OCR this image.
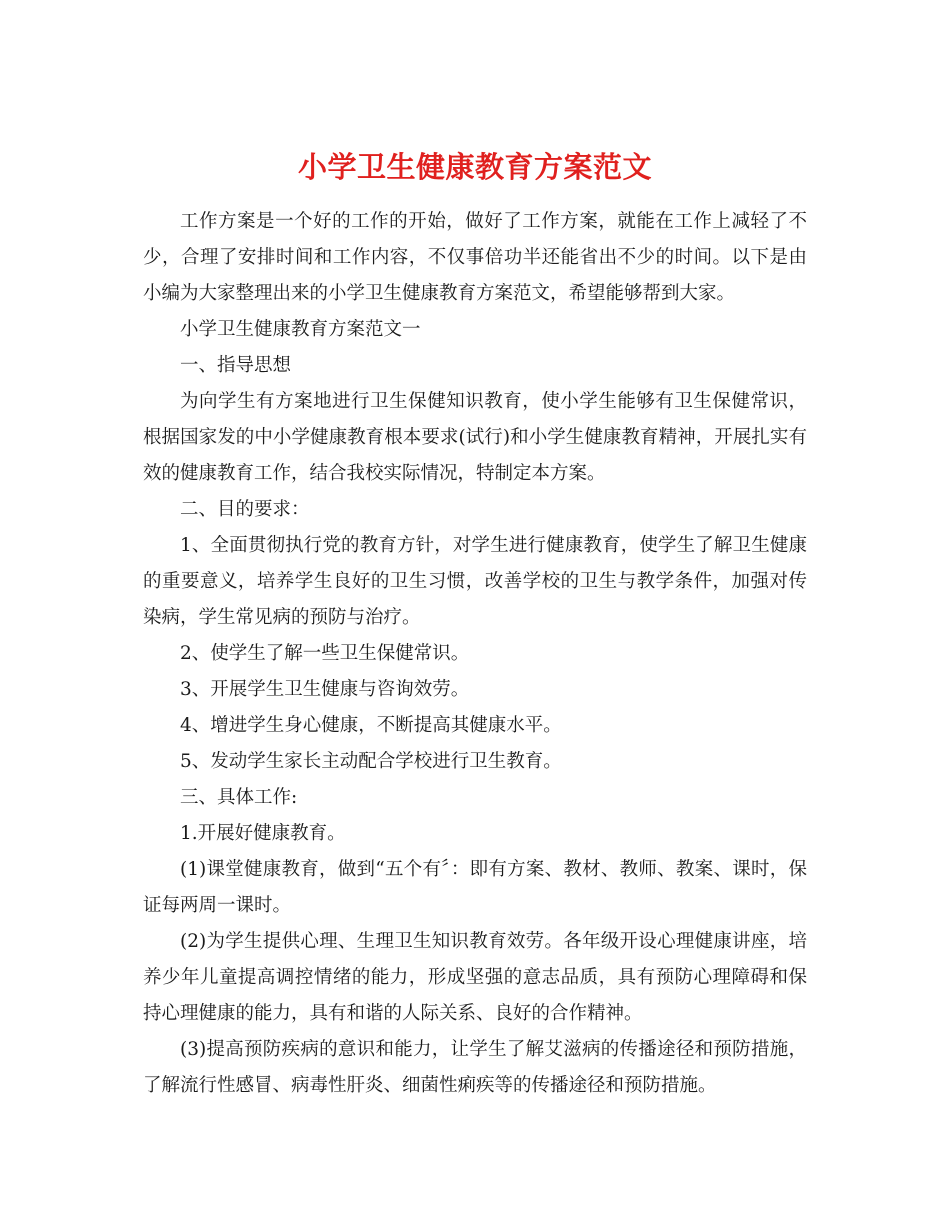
小学卫生健康教育方案范文

工作方案是一个好的工作的开始，做好了工作方案，就能在工作上减轻了不少，合理了安排时间和工作内容，不仅事倍功半还能省出不少的时间。以下是由小编为大家整理出来的小学卫生健康教育方案范文，希望能够帮到大家。

小学卫生健康教育方案范文一

一、指导思想

为向学生有方案地进行卫生保健知识教育，使小学生能够有卫生保健常识，根据国家发的中小学健康教育根本要求(试行)和小学生健康教育精神，开展扎实有效的健康教育工作，结合我校实际情况，特制定本方案。

二、目的要求：

1、全面贯彻执行党的教育方针，对学生进行健康教育，使学生了解卫生健康的重要意义，培养学生良好的卫生习惯，改善学校的卫生与教学条件，加强对传染病，学生常见病的预防与治疗。

2、使学生了解一些卫生保健常识。

3、开展学生卫生健康与咨询效劳。

4、增进学生身心健康，不断提高其健康水平。

5、发动学生家长主动配合学校进行卫生教育。

三、具体工作:

1.开展好健康教育。

(1)课堂健康教育，做到“五个有〞：即有方案、教材、教师、教案、课时，保证每两周一课时。

(2)为学生提供心理、生理卫生知识教育效劳。各年级开设心理健康讲座，培养少年儿童提高调控情绪的能力，形成坚强的意志品质，具有预防心理障碍和保持心理健康的能力，具有和谐的人际关系、良好的合作精神。

(3)提高预防疾病的意识和能力，让学生了解艾滋病的传播途径和预防措施，了解流行性感冒、病毒性肝炎、细菌性痢疾等的传播途径和预防措施。
